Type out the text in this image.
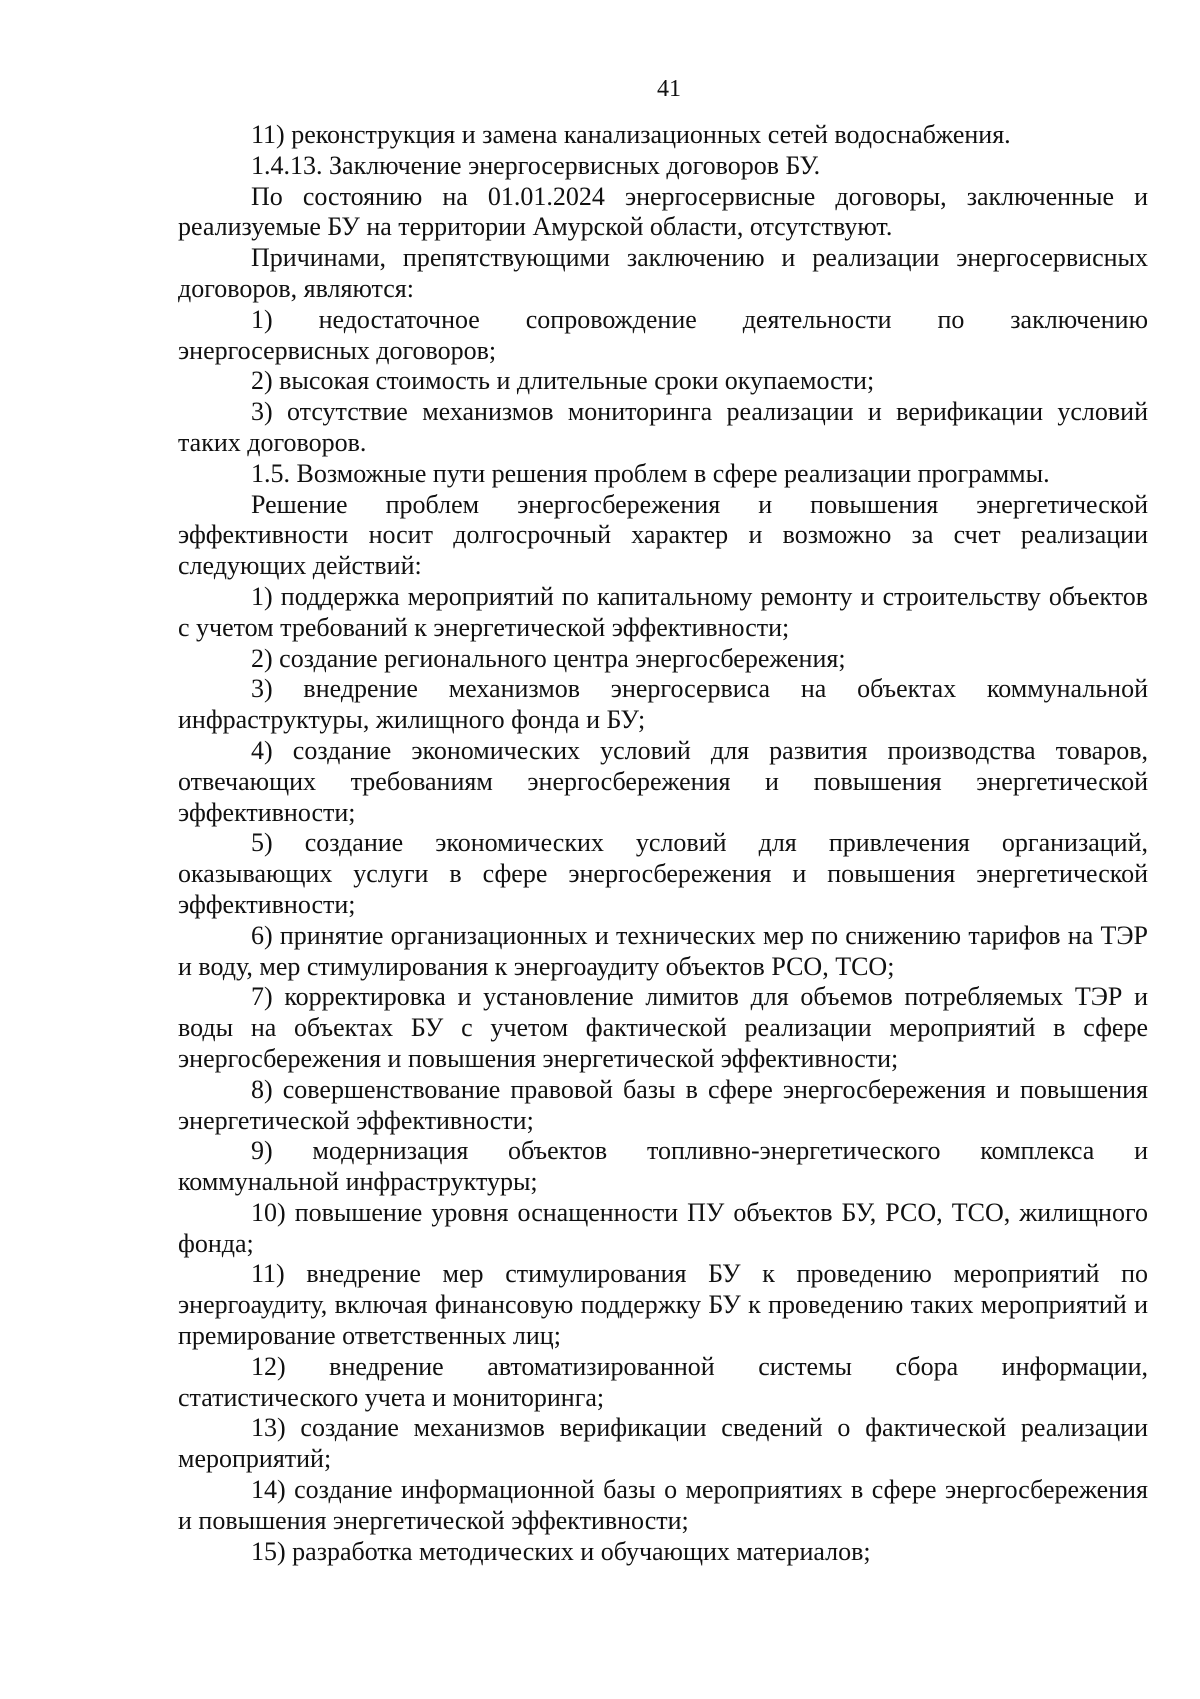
41

11) реконструкция и замена канализационных сетей водоснабжения.

1.4.13. Заключение энергосервисных договоров БУ.

По состоянию на 01.01.2024 энергосервисные договоры, заключенные и реализуемые БУ на территории Амурской области, отсутствуют.

Причинами, препятствующими заключению и реализации энергосервисных договоров, являются:

1) недостаточное сопровождение деятельности по заключению энергосервисных договоров;

2) высокая стоимость и длительные сроки окупаемости;

3) отсутствие механизмов мониторинга реализации и верификации условий таких договоров.

1.5. Возможные пути решения проблем в сфере реализации программы.

Решение проблем энергосбережения и повышения энергетической эффективности носит долгосрочный характер и возможно за счет реализации следующих действий:

1) поддержка мероприятий по капитальному ремонту и строительству объектов с учетом требований к энергетической эффективности;

2) создание регионального центра энергосбережения;

3) внедрение механизмов энергосервиса на объектах коммунальной инфраструктуры, жилищного фонда и БУ;

4) создание экономических условий для развития производства товаров, отвечающих требованиям энергосбережения и повышения энергетической эффективности;

5) создание экономических условий для привлечения организаций, оказывающих услуги в сфере энергосбережения и повышения энергетической эффективности;

6) принятие организационных и технических мер по снижению тарифов на ТЭР и воду, мер стимулирования к энергоаудиту объектов РСО, ТСО;

7) корректировка и установление лимитов для объемов потребляемых ТЭР и воды на объектах БУ с учетом фактической реализации мероприятий в сфере энергосбережения и повышения энергетической эффективности;

8) совершенствование правовой базы в сфере энергосбережения и повышения энергетической эффективности;

9) модернизация объектов топливно-энергетического комплекса и коммунальной инфраструктуры;

10) повышение уровня оснащенности ПУ объектов БУ, РСО, ТСО, жилищного фонда;

11) внедрение мер стимулирования БУ к проведению мероприятий по энергоаудиту, включая финансовую поддержку БУ к проведению таких мероприятий и премирование ответственных лиц;

12) внедрение автоматизированной системы сбора информации, статистического учета и мониторинга;

13) создание механизмов верификации сведений о фактической реализации мероприятий;

14) создание информационной базы о мероприятиях в сфере энергосбережения и повышения энергетической эффективности;

15) разработка методических и обучающих материалов;
